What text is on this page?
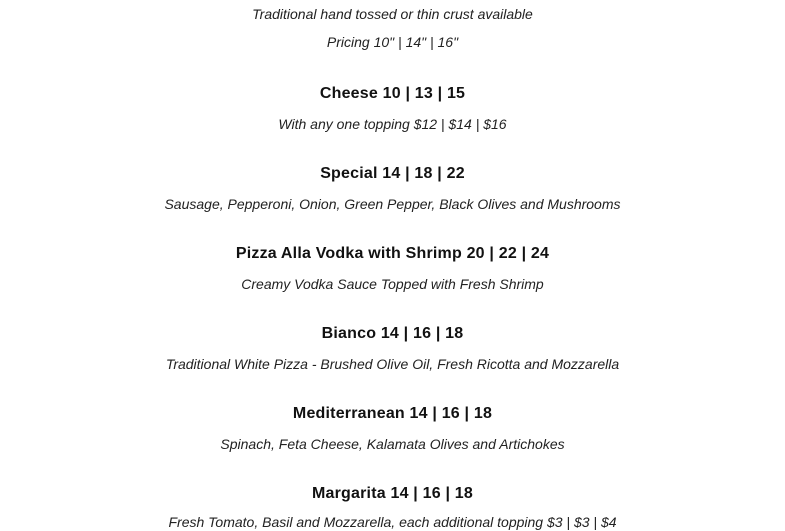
Traditional hand tossed or thin crust available
Pricing 10" | 14" | 16"
Cheese 10 | 13 | 15
With any one topping $12 | $14 | $16
Special 14 | 18 | 22
Sausage, Pepperoni, Onion, Green Pepper, Black Olives and Mushrooms
Pizza Alla Vodka with Shrimp 20 | 22 | 24
Creamy Vodka Sauce Topped with Fresh Shrimp
Bianco 14 | 16 | 18
Traditional White Pizza - Brushed Olive Oil, Fresh Ricotta and Mozzarella
Mediterranean 14 | 16 | 18
Spinach, Feta Cheese, Kalamata Olives and Artichokes
Margarita 14 | 16 | 18
Fresh Tomato, Basil and Mozzarella, each additional topping $3 | $3 | $4
